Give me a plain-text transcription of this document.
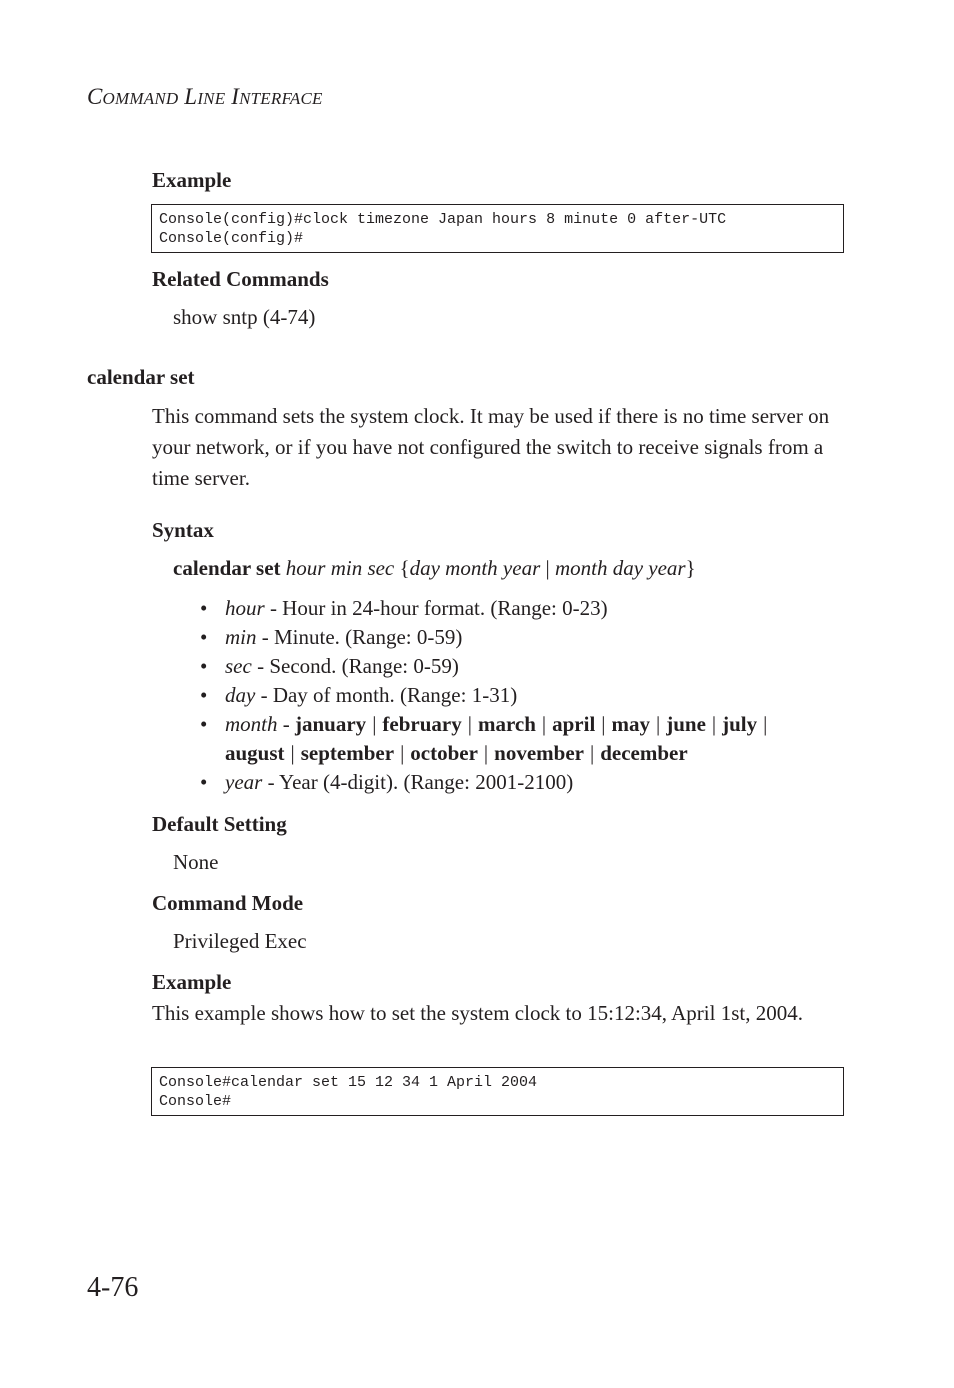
COMMAND LINE INTERFACE
Example
Console(config)#clock timezone Japan hours 8 minute 0 after-UTC
Console(config)#
Related Commands
show sntp (4-74)
calendar set
This command sets the system clock. It may be used if there is no time server on your network, or if you have not configured the switch to receive signals from a time server.
Syntax
calendar set hour min sec {day month year | month day year}
• hour - Hour in 24-hour format. (Range: 0-23)
• min - Minute. (Range: 0-59)
• sec - Second. (Range: 0-59)
• day - Day of month. (Range: 1-31)
• month - january | february | march | april | may | june | july |
august | september | october | november | december
• year - Year (4-digit). (Range: 2001-2100)
Default Setting
None
Command Mode
Privileged Exec
Example
This example shows how to set the system clock to 15:12:34, April 1st, 2004.
Console#calendar set 15 12 34 1 April 2004
Console#
4-76
